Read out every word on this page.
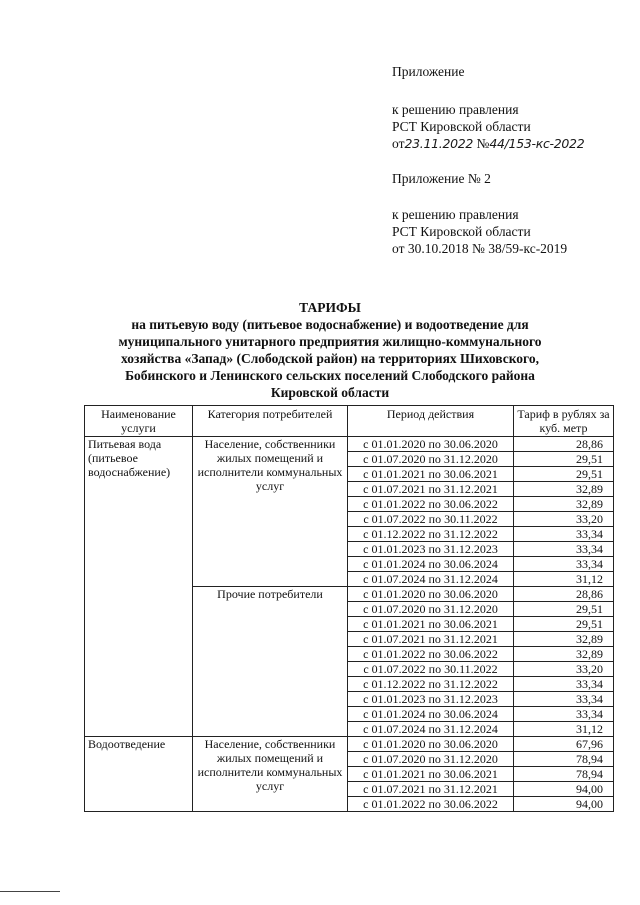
Приложение
к решению правления
РСТ Кировской области
от23.11.2022 №44/153-кс-2022
Приложение № 2
к решению правления
РСТ Кировской области
от 30.10.2018 № 38/59-кс-2019
ТАРИФЫ
на питьевую воду (питьевое водоснабжение) и водоотведение для
муниципального унитарного предприятия жилищно-коммунального
хозяйства «Запад» (Слободской район) на территориях Шиховского,
Бобинского и Ленинского сельских поселений Слободского района
Кировской области
Наименование услуги	Категория потребителей	Период действия	Тариф в рублях за куб. метр
Питьевая вода (питьевое водоснабжение)	Население, собственники жилых помещений и исполнители коммунальных услуг	с 01.01.2020 по 30.06.2020	28,86
		с 01.07.2020 по 31.12.2020	29,51
		с 01.01.2021 по 30.06.2021	29,51
		с 01.07.2021 по 31.12.2021	32,89
		с 01.01.2022 по 30.06.2022	32,89
		с 01.07.2022 по 30.11.2022	33,20
		с 01.12.2022 по 31.12.2022	33,34
		с 01.01.2023 по 31.12.2023	33,34
		с 01.01.2024 по 30.06.2024	33,34
		с 01.07.2024 по 31.12.2024	31,12
	Прочие потребители	с 01.01.2020 по 30.06.2020	28,86
		с 01.07.2020 по 31.12.2020	29,51
		с 01.01.2021 по 30.06.2021	29,51
		с 01.07.2021 по 31.12.2021	32,89
		с 01.01.2022 по 30.06.2022	32,89
		с 01.07.2022 по 30.11.2022	33,20
		с 01.12.2022 по 31.12.2022	33,34
		с 01.01.2023 по 31.12.2023	33,34
		с 01.01.2024 по 30.06.2024	33,34
		с 01.07.2024 по 31.12.2024	31,12
Водоотведение	Население, собственники жилых помещений и исполнители коммунальных услуг	с 01.01.2020 по 30.06.2020	67,96
		с 01.07.2020 по 31.12.2020	78,94
		с 01.01.2021 по 30.06.2021	78,94
		с 01.07.2021 по 31.12.2021	94,00
		с 01.01.2022 по 30.06.2022	94,00
